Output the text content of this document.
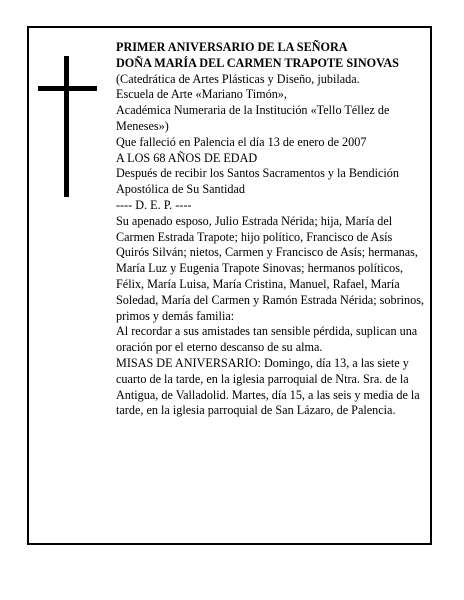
PRIMER ANIVERSARIO DE LA SEÑORA

DOÑA MARÍA DEL CARMEN TRAPOTE SINOVAS

(Catedrática de Artes Plásticas y Diseño, jubilada.

Escuela de Arte «Mariano Timón»,

Académica Numeraria de la Institución «Tello Téllez de Meneses»)

Que falleció en Palencia el día 13 de enero de 2007

A LOS 68 AÑOS DE EDAD

Después de recibir los Santos Sacramentos y la Bendición Apostólica de Su Santidad

---- D. E. P. ----

Su apenado esposo, Julio Estrada Nérida; hija, María del Carmen Estrada Trapote; hijo político, Francisco de Asís Quirós Silván; nietos, Carmen y Francisco de Asís; hermanas, María Luz y Eugenia Trapote Sinovas; hermanos políticos, Félix, María Luisa, María Cristina, Manuel, Rafael, María Soledad, María del Carmen y Ramón Estrada Nérida; sobrinos, primos y demás familia:

Al recordar a sus amistades tan sensible pérdida, suplican una oración por el eterno descanso de su alma.

MISAS DE ANIVERSARIO: Domingo, día 13, a las siete y cuarto de la tarde, en la iglesia parroquial de Ntra. Sra. de la Antigua, de Valladolid. Martes, día 15, a las seis y media de la tarde, en la iglesia parroquial de San Lázaro, de Palencia.
